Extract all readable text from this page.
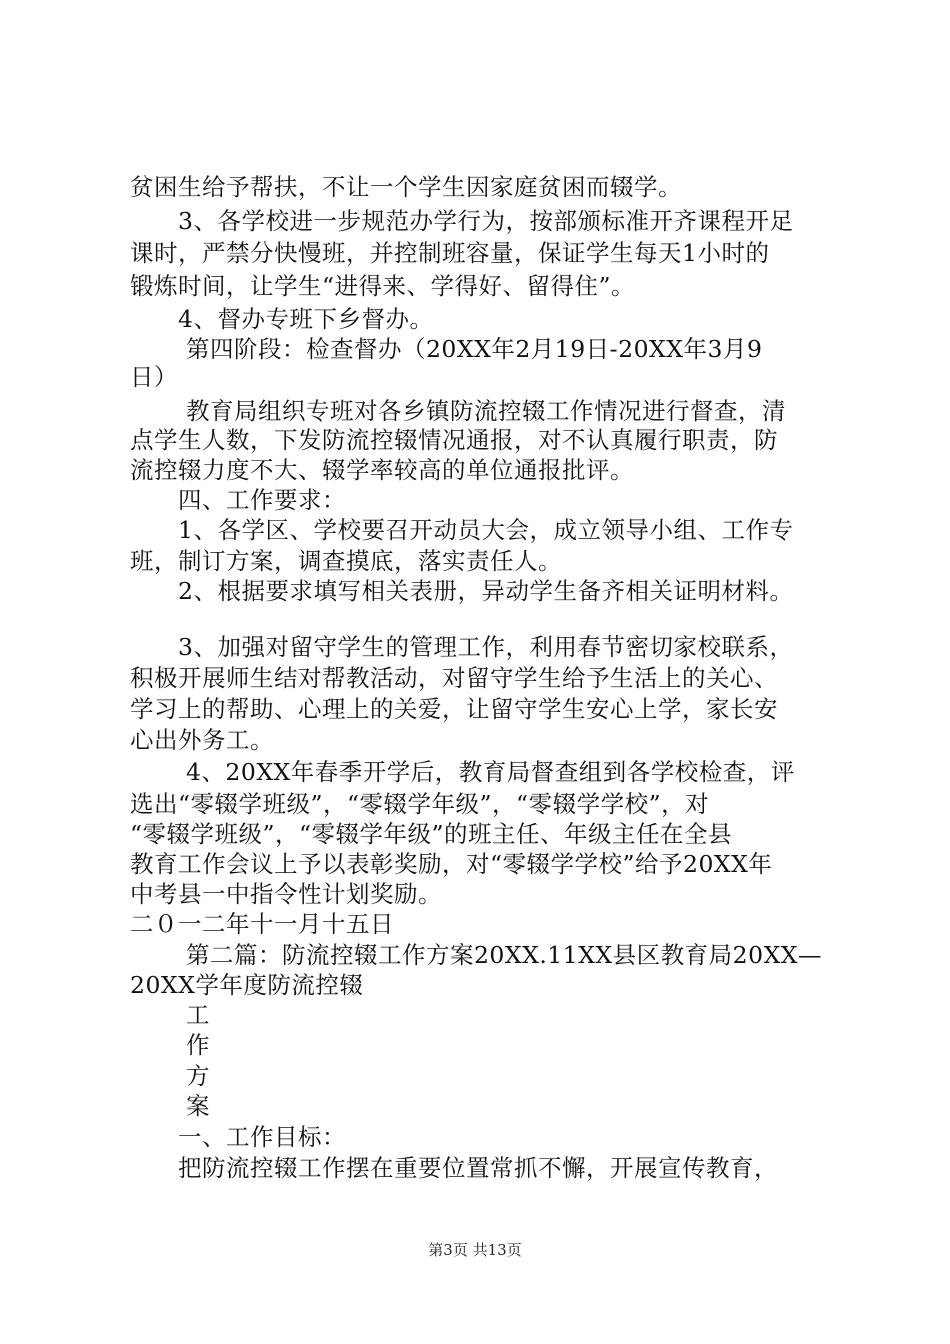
贫困生给予帮扶，不让一个学生因家庭贫困而辍学。
　　3、各学校进一步规范办学行为，按部颁标准开齐课程开足
课时，严禁分快慢班，并控制班容量，保证学生每天1小时的
锻炼时间，让学生“进得来、学得好、留得住”。
　　4、督办专班下乡督办。
　　 第四阶段：检查督办（20XX年2月19日-20XX年3月9
日）
　　 教育局组织专班对各乡镇防流控辍工作情况进行督查，清
点学生人数，下发防流控辍情况通报，对不认真履行职责，防
流控辍力度不大、辍学率较高的单位通报批评。
　　四、工作要求：
　　1、各学区、学校要召开动员大会，成立领导小组、工作专
班，制订方案，调查摸底，落实责任人。
　　2、根据要求填写相关表册，异动学生备齐相关证明材料。
　　3、加强对留守学生的管理工作，利用春节密切家校联系，
积极开展师生结对帮教活动，对留守学生给予生活上的关心、
学习上的帮助、心理上的关爱，让留守学生安心上学，家长安
心出外务工。
　　 4、20XX年春季开学后，教育局督查组到各学校检查，评
选出“零辍学班级”，“零辍学年级”，“零辍学学校”，对
“零辍学班级”，“零辍学年级”的班主任、年级主任在全县
教育工作会议上予以表彰奖励，对“零辍学学校”给予20XX年
中考县一中指令性计划奖励。
二０一二年十一月十五日
　　 第二篇：防流控辍工作方案20XX.11XX县区教育局20XX—
20XX学年度防流控辍
　　 工
　　 作
　　 方
　　 案
　　一、工作目标：
　　把防流控辍工作摆在重要位置常抓不懈，开展宣传教育，
第3页 共13页
